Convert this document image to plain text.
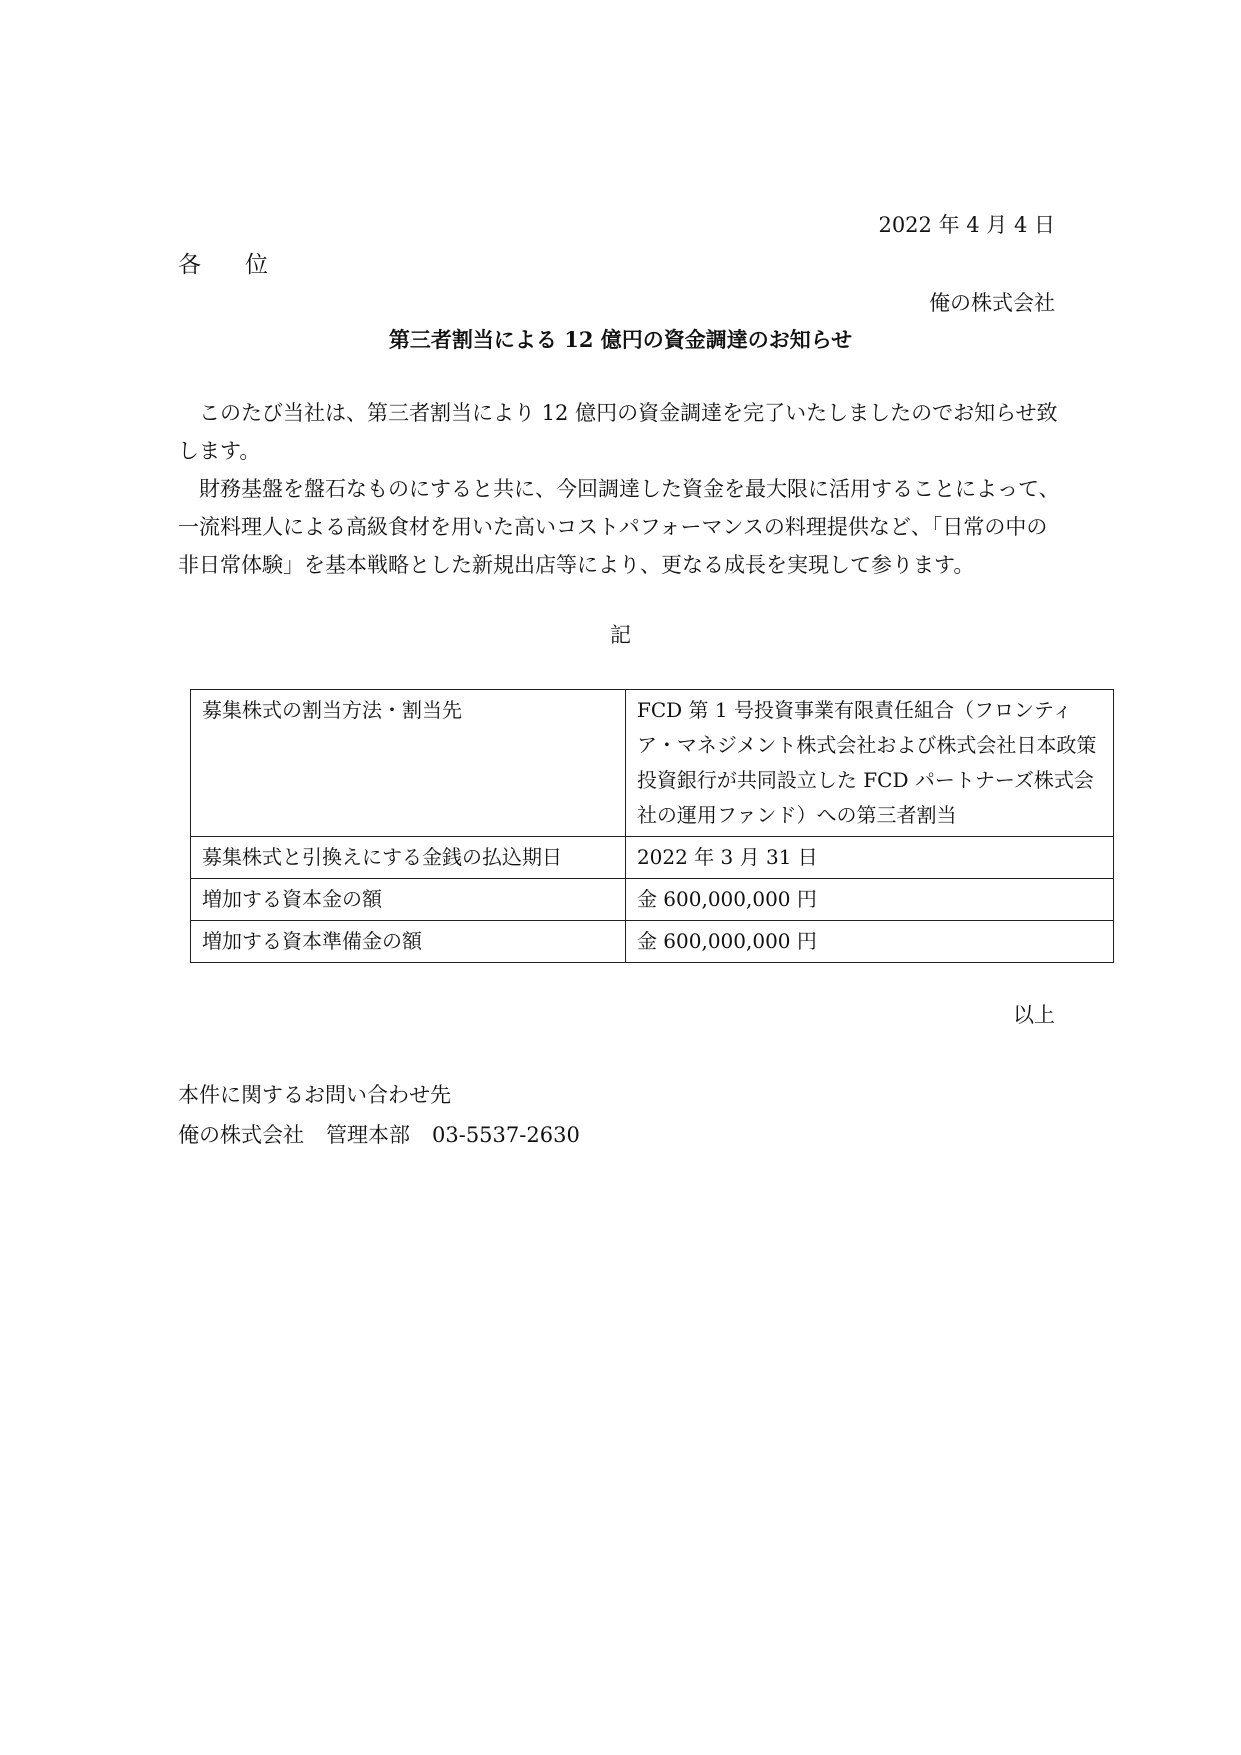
2022 年 4 月 4 日
各 位
俺の株式会社
第三者割当による 12 億円の資金調達のお知らせ

このたび当社は、第三者割当により 12 億円の資金調達を完了いたしましたのでお知らせ致します。

財務基盤を盤石なものにすると共に、今回調達した資金を最大限に活用することによって、一流料理人による高級食材を用いた高いコストパフォーマンスの料理提供など、「日常の中の非日常体験」を基本戦略とした新規出店等により、更なる成長を実現して参ります。

記
募集株式の割当方法・割当先	FCD 第 1 号投資事業有限責任組合（フロンティア・マネジメント株式会社および株式会社日本政策投資銀行が共同設立した FCD パートナーズ株式会社の運用ファンド）への第三者割当
募集株式と引換えにする金銭の払込期日	2022 年 3 月 31 日
増加する資本金の額	金 600,000,000 円
増加する資本準備金の額	金 600,000,000 円
以上
本件に関するお問い合わせ先
俺の株式会社 管理本部 03-5537-2630
